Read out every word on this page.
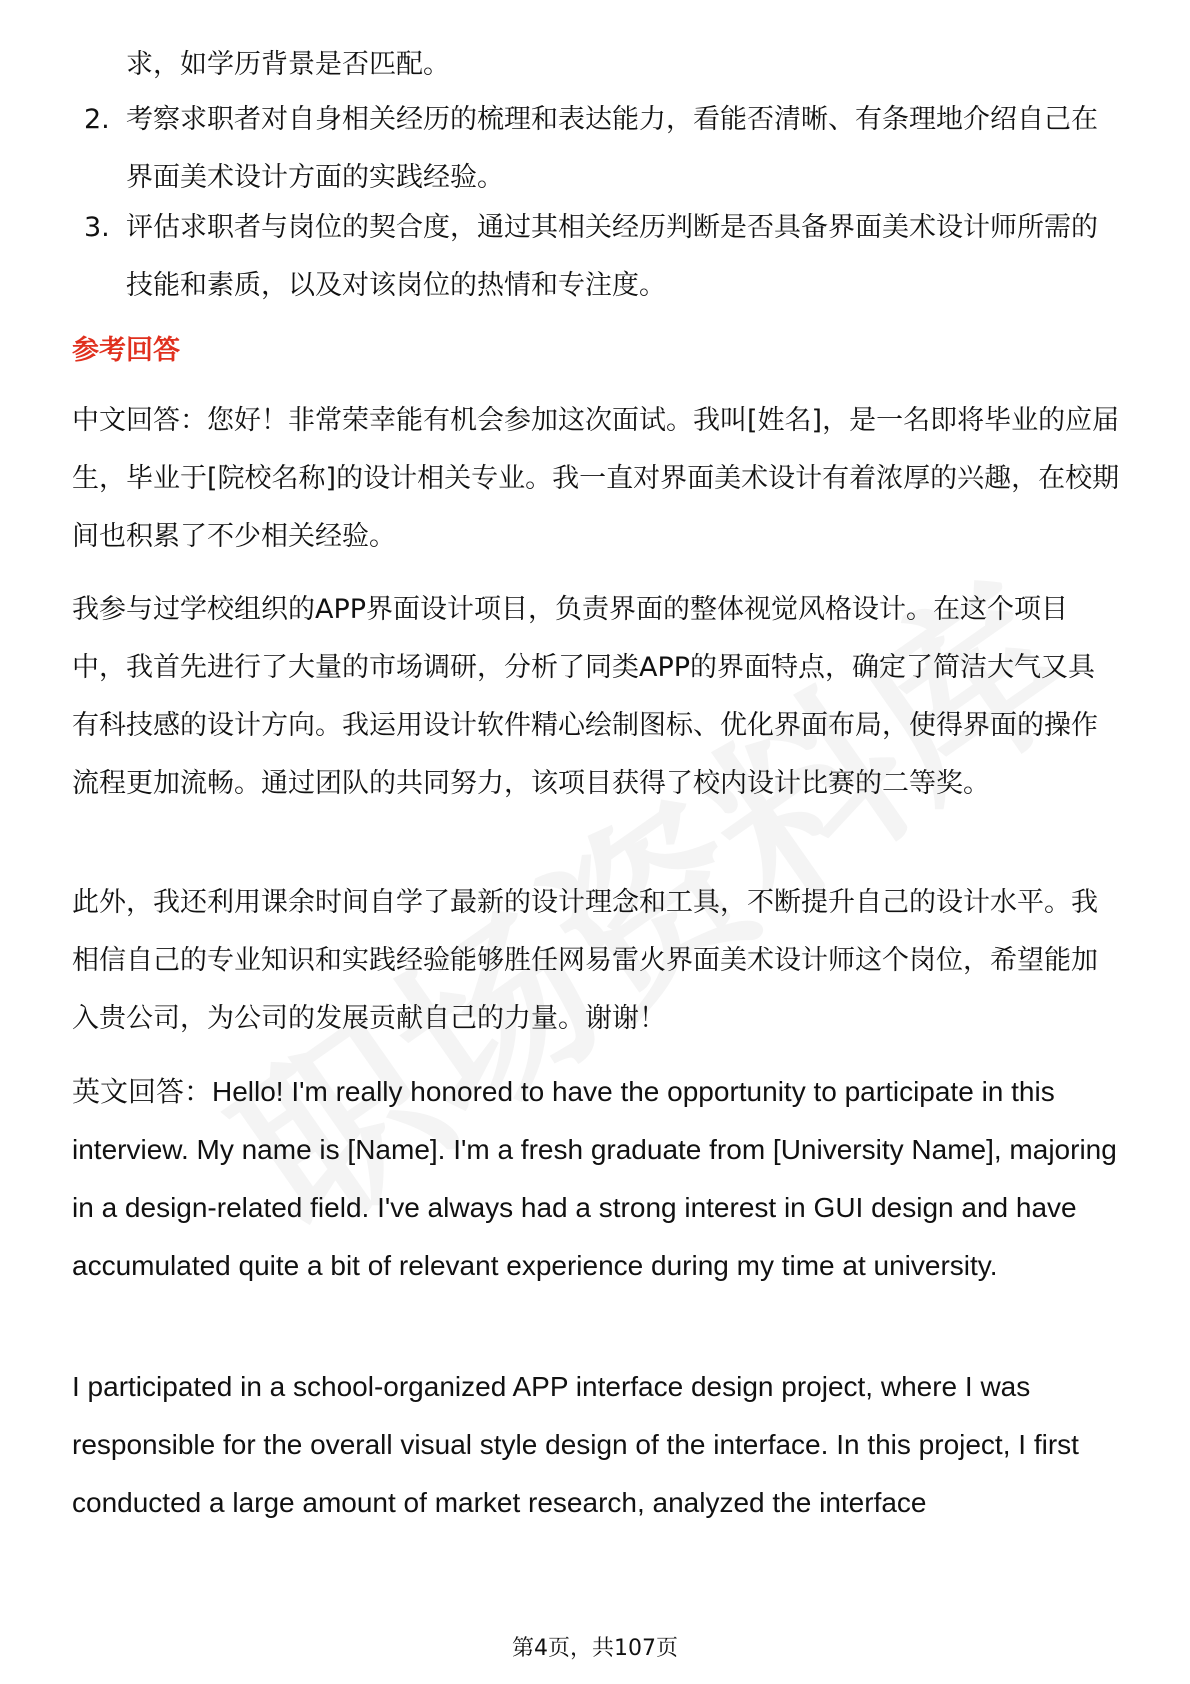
求，如学历背景是否匹配。

2. 考察求职者对自身相关经历的梳理和表达能力，看能否清晰、有条理地介绍自己在界面美术设计方面的实践经验。
3. 评估求职者与岗位的契合度，通过其相关经历判断是否具备界面美术设计师所需的技能和素质，以及对该岗位的热情和专注度。
参考回答

中文回答：您好！非常荣幸能有机会参加这次面试。我叫[姓名]，是一名即将毕业的应届生，毕业于[院校名称]的设计相关专业。我一直对界面美术设计有着浓厚的兴趣，在校期间也积累了不少相关经验。

我参与过学校组织的APP界面设计项目，负责界面的整体视觉风格设计。在这个项目中，我首先进行了大量的市场调研，分析了同类APP的界面特点，确定了简洁大气又具有科技感的设计方向。我运用设计软件精心绘制图标、优化界面布局，使得界面的操作流程更加流畅。通过团队的共同努力，该项目获得了校内设计比赛的二等奖。

此外，我还利用课余时间自学了最新的设计理念和工具，不断提升自己的设计水平。我相信自己的专业知识和实践经验能够胜任网易雷火界面美术设计师这个岗位，希望能加入贵公司，为公司的发展贡献自己的力量。谢谢！

英文回答：Hello! I'm really honored to have the opportunity to participate in this interview. My name is [Name]. I'm a fresh graduate from [University Name], majoring in a design-related field. I've always had a strong interest in GUI design and have accumulated quite a bit of relevant experience during my time at university.

I participated in a school-organized APP interface design project, where I was responsible for the overall visual style design of the interface. In this project, I first conducted a large amount of market research, analyzed the interface

第4页，共107页
